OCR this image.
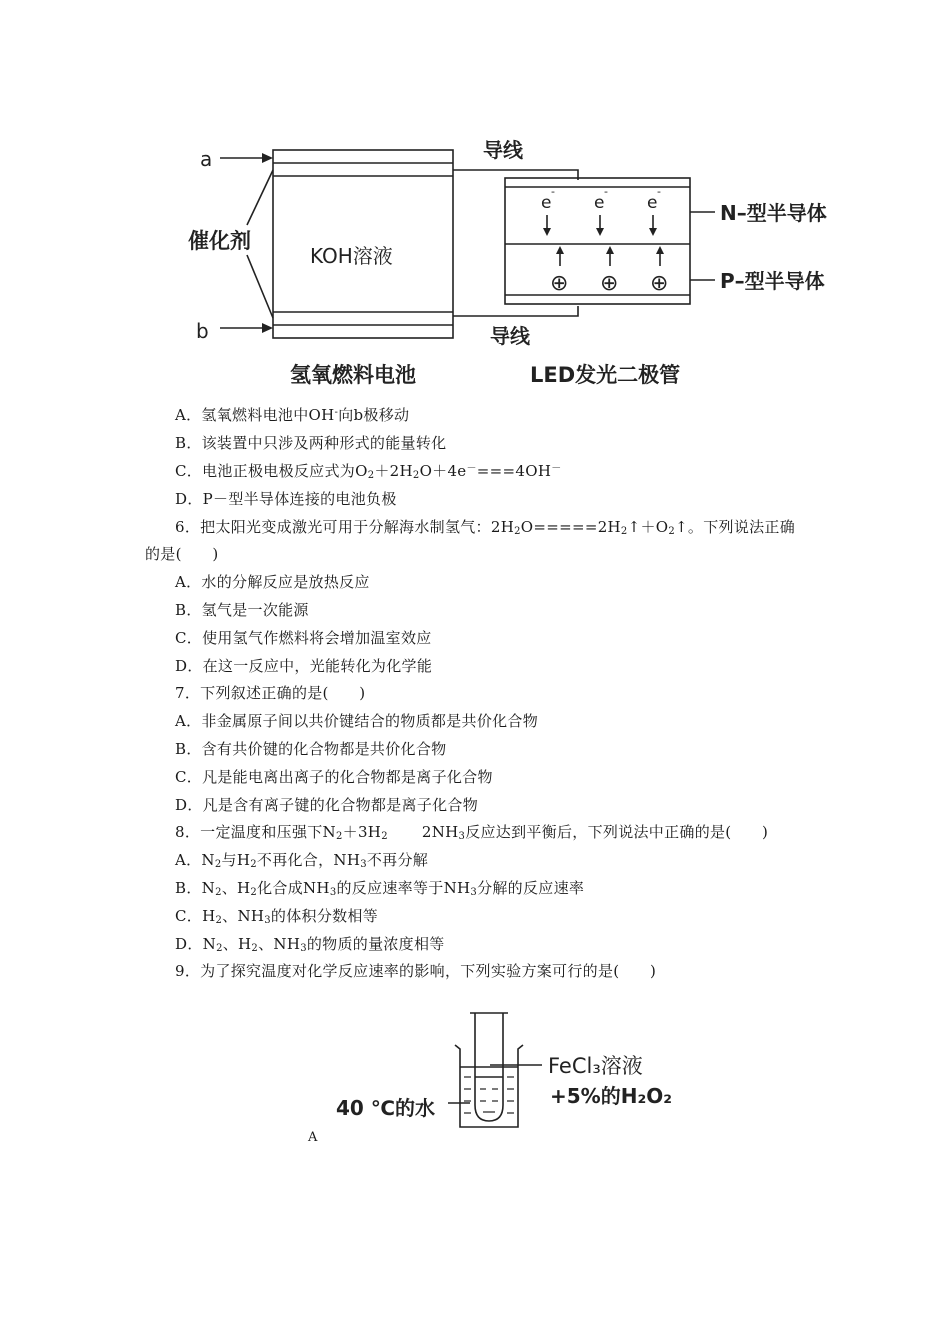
a
b
催化剂
KOH溶液
导线
导线
e
-
e
-
e
-
⊕ ⊕ ⊕
N–型半导体
P–型半导体
氢氧燃料电池	LED发光二极管
A．氢氧燃料电池中OH-向b极移动
B．该装置中只涉及两种形式的能量转化
C．电池正极电极反应式为$O_2+2H_2O+4e^-===4OH^-$
D．P－型半导体连接的电池负极
6．把太阳光变成激光可用于分解海水制氢气：$2H_2O=====2H_2↑+O_2↑$。下列说法正确
的是(　　)
A．水的分解反应是放热反应
B．氢气是一次能源
C．使用氢气作燃料将会增加温室效应
D．在这一反应中，光能转化为化学能
7．下列叙述正确的是(　　)
A．非金属原子间以共价键结合的物质都是共价化合物
B．含有共价键的化合物都是共价化合物
C．凡是能电离出离子的化合物都是离子化合物
D．凡是含有离子键的化合物都是离子化合物
8．一定温度和压强下$N_2+3H_2$ $2NH_3$反应达到平衡后，下列说法中正确的是(　　)
A．$N_2$与$H_2$不再化合，$NH_3$不再分解
B．$N_2$、$H_2$化合成$NH_3$的反应速率等于$NH_3$分解的反应速率
C．$H_2$、$NH_3$的体积分数相等
D．$N_2$、$H_2$、$NH_3$的物质的量浓度相等
9．为了探究温度对化学反应速率的影响，下列实验方案可行的是(　　)
FeCl₃溶液
+5%的H₂O₂
40 ℃的水
A
